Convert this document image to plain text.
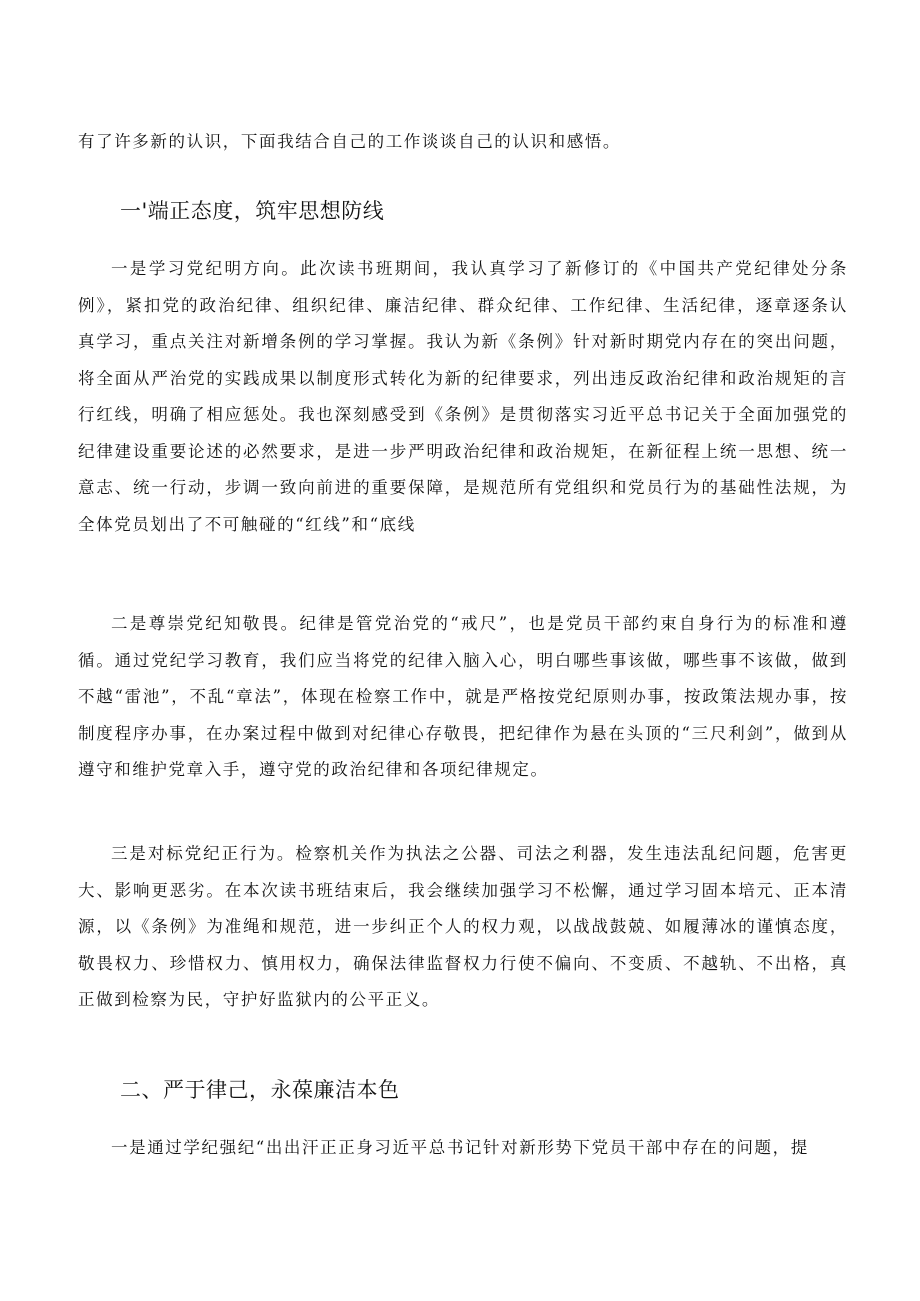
有了许多新的认识，下面我结合自己的工作谈谈自己的认识和感悟。

一'端正态度，筑牢思想防线

一是学习党纪明方向。此次读书班期间，我认真学习了新修订的《中国共产党纪律处分条例》，紧扣党的政治纪律、组织纪律、廉洁纪律、群众纪律、工作纪律、生活纪律，逐章逐条认真学习，重点关注对新增条例的学习掌握。我认为新《条例》针对新时期党内存在的突出问题，将全面从严治党的实践成果以制度形式转化为新的纪律要求，列出违反政治纪律和政治规矩的言行红线，明确了相应惩处。我也深刻感受到《条例》是贯彻落实习近平总书记关于全面加强党的纪律建设重要论述的必然要求，是进一步严明政治纪律和政治规矩，在新征程上统一思想、统一意志、统一行动，步调一致向前进的重要保障，是规范所有党组织和党员行为的基础性法规，为全体党员划出了不可触碰的“红线”和“底线

二是尊崇党纪知敬畏。纪律是管党治党的“戒尺”，也是党员干部约束自身行为的标准和遵循。通过党纪学习教育，我们应当将党的纪律入脑入心，明白哪些事该做，哪些事不该做，做到不越“雷池”，不乱“章法”，体现在检察工作中，就是严格按党纪原则办事，按政策法规办事，按制度程序办事，在办案过程中做到对纪律心存敬畏，把纪律作为悬在头顶的“三尺利剑”，做到从遵守和维护党章入手，遵守党的政治纪律和各项纪律规定。

三是对标党纪正行为。检察机关作为执法之公器、司法之利器，发生违法乱纪问题，危害更大、影响更恶劣。在本次读书班结束后，我会继续加强学习不松懈，通过学习固本培元、正本清源，以《条例》为准绳和规范，进一步纠正个人的权力观，以战战鼓兢、如履薄冰的谨慎态度，敬畏权力、珍惜权力、慎用权力，确保法律监督权力行使不偏向、不变质、不越轨、不出格，真正做到检察为民，守护好监狱内的公平正义。

二、严于律己，永葆廉洁本色

一是通过学纪强纪“出出汗正正身习近平总书记针对新形势下党员干部中存在的问题，提
